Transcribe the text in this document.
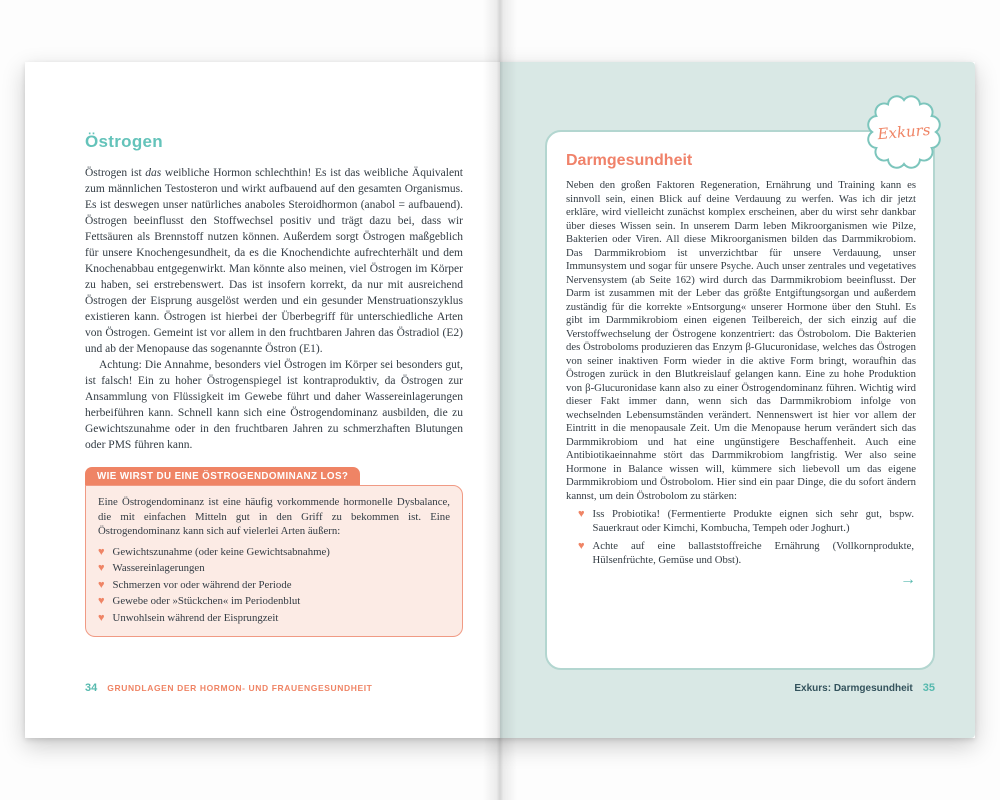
Östrogen

Östrogen ist das weibliche Hormon schlechthin! Es ist das weibliche Äquivalent zum männlichen Testosteron und wirkt aufbauend auf den gesamten Organismus. Es ist deswegen unser natürliches anaboles Steroidhormon (anabol = aufbauend). Östrogen beeinflusst den Stoffwechsel positiv und trägt dazu bei, dass wir Fettsäuren als Brennstoff nutzen können. Außerdem sorgt Östrogen maßgeblich für unsere Knochengesundheit, da es die Knochendichte aufrechterhält und dem Knochenabbau entgegenwirkt. Man könnte also meinen, viel Östrogen im Körper zu haben, sei erstrebenswert. Das ist insofern korrekt, da nur mit ausreichend Östrogen der Eisprung ausgelöst werden und ein gesunder Menstruationszyklus existieren kann. Östrogen ist hierbei der Überbegriff für unterschiedliche Arten von Östrogen. Gemeint ist vor allem in den fruchtbaren Jahren das Östradiol (E2) und ab der Menopause das sogenannte Östron (E1).

Achtung: Die Annahme, besonders viel Östrogen im Körper sei besonders gut, ist falsch! Ein zu hoher Östrogenspiegel ist kontraproduktiv, da Östrogen zur Ansammlung von Flüssigkeit im Gewebe führt und daher Wassereinlagerungen herbeiführen kann. Schnell kann sich eine Östrogendominanz ausbilden, die zu Gewichtszunahme oder in den fruchtbaren Jahren zu schmerzhaften Blutungen oder PMS führen kann.

WIE WIRST DU EINE ÖSTROGENDOMINANZ LOS?

Eine Östrogendominanz ist eine häufig vorkommende hormonelle Dysbalance, die mit einfachen Mitteln gut in den Griff zu bekommen ist. Eine Östrogendominanz kann sich auf vielerlei Arten äußern:

♥ Gewichtszunahme (oder keine Gewichtsabnahme)
♥ Wassereinlagerungen
♥ Schmerzen vor oder während der Periode
♥ Gewebe oder »Stückchen« im Periodenblut
♥ Unwohlsein während der Eisprungzeit
34 GRUNDLAGEN DER HORMON- UND FRAUENGESUNDHEIT
Darmgesundheit

Neben den großen Faktoren Regeneration, Ernährung und Training kann es sinnvoll sein, einen Blick auf deine Verdauung zu werfen. Was ich dir jetzt erkläre, wird vielleicht zunächst komplex erscheinen, aber du wirst sehr dankbar über dieses Wissen sein. In unserem Darm leben Mikroorganismen wie Pilze, Bakterien oder Viren. All diese Mikroorganismen bilden das Darmmikrobiom. Das Darmmikrobiom ist unverzichtbar für unsere Verdauung, unser Immunsystem und sogar für unsere Psyche. Auch unser zentrales und vegetatives Nervensystem (ab Seite 162) wird durch das Darmmikrobiom beeinflusst. Der Darm ist zusammen mit der Leber das größte Entgiftungsorgan und außerdem zuständig für die korrekte »Entsorgung« unserer Hormone über den Stuhl. Es gibt im Darmmikrobiom einen eigenen Teilbereich, der sich einzig auf die Verstoffwechselung der Östrogene konzentriert: das Östrobolom. Die Bakterien des Östroboloms produzieren das Enzym β-Glucuronidase, welches das Östrogen von seiner inaktiven Form wieder in die aktive Form bringt, woraufhin das Östrogen zurück in den Blutkreislauf gelangen kann. Eine zu hohe Produktion von β-Glucuronidase kann also zu einer Östrogendominanz führen. Wichtig wird dieser Fakt immer dann, wenn sich das Darmmikrobiom infolge von wechselnden Lebensumständen verändert. Nennenswert ist hier vor allem der Eintritt in die menopausale Zeit. Um die Menopause herum verändert sich das Darmmikrobiom und hat eine ungünstigere Beschaffenheit. Auch eine Antibiotikaeinnahme stört das Darmmikrobiom langfristig. Wer also seine Hormone in Balance wissen will, kümmere sich liebevoll um das eigene Darmmikrobiom und Östrobolom. Hier sind ein paar Dinge, die du sofort ändern kannst, um dein Östrobolom zu stärken:

♥ Iss Probiotika! (Fermentierte Produkte eignen sich sehr gut, bspw. Sauerkraut oder Kimchi, Kombucha, Tempeh oder Joghurt.)
♥ Achte auf eine ballaststoffreiche Ernährung (Vollkornprodukte, Hülsenfrüchte, Gemüse und Obst).
→
Exkurs
Exkurs: Darmgesundheit 35
